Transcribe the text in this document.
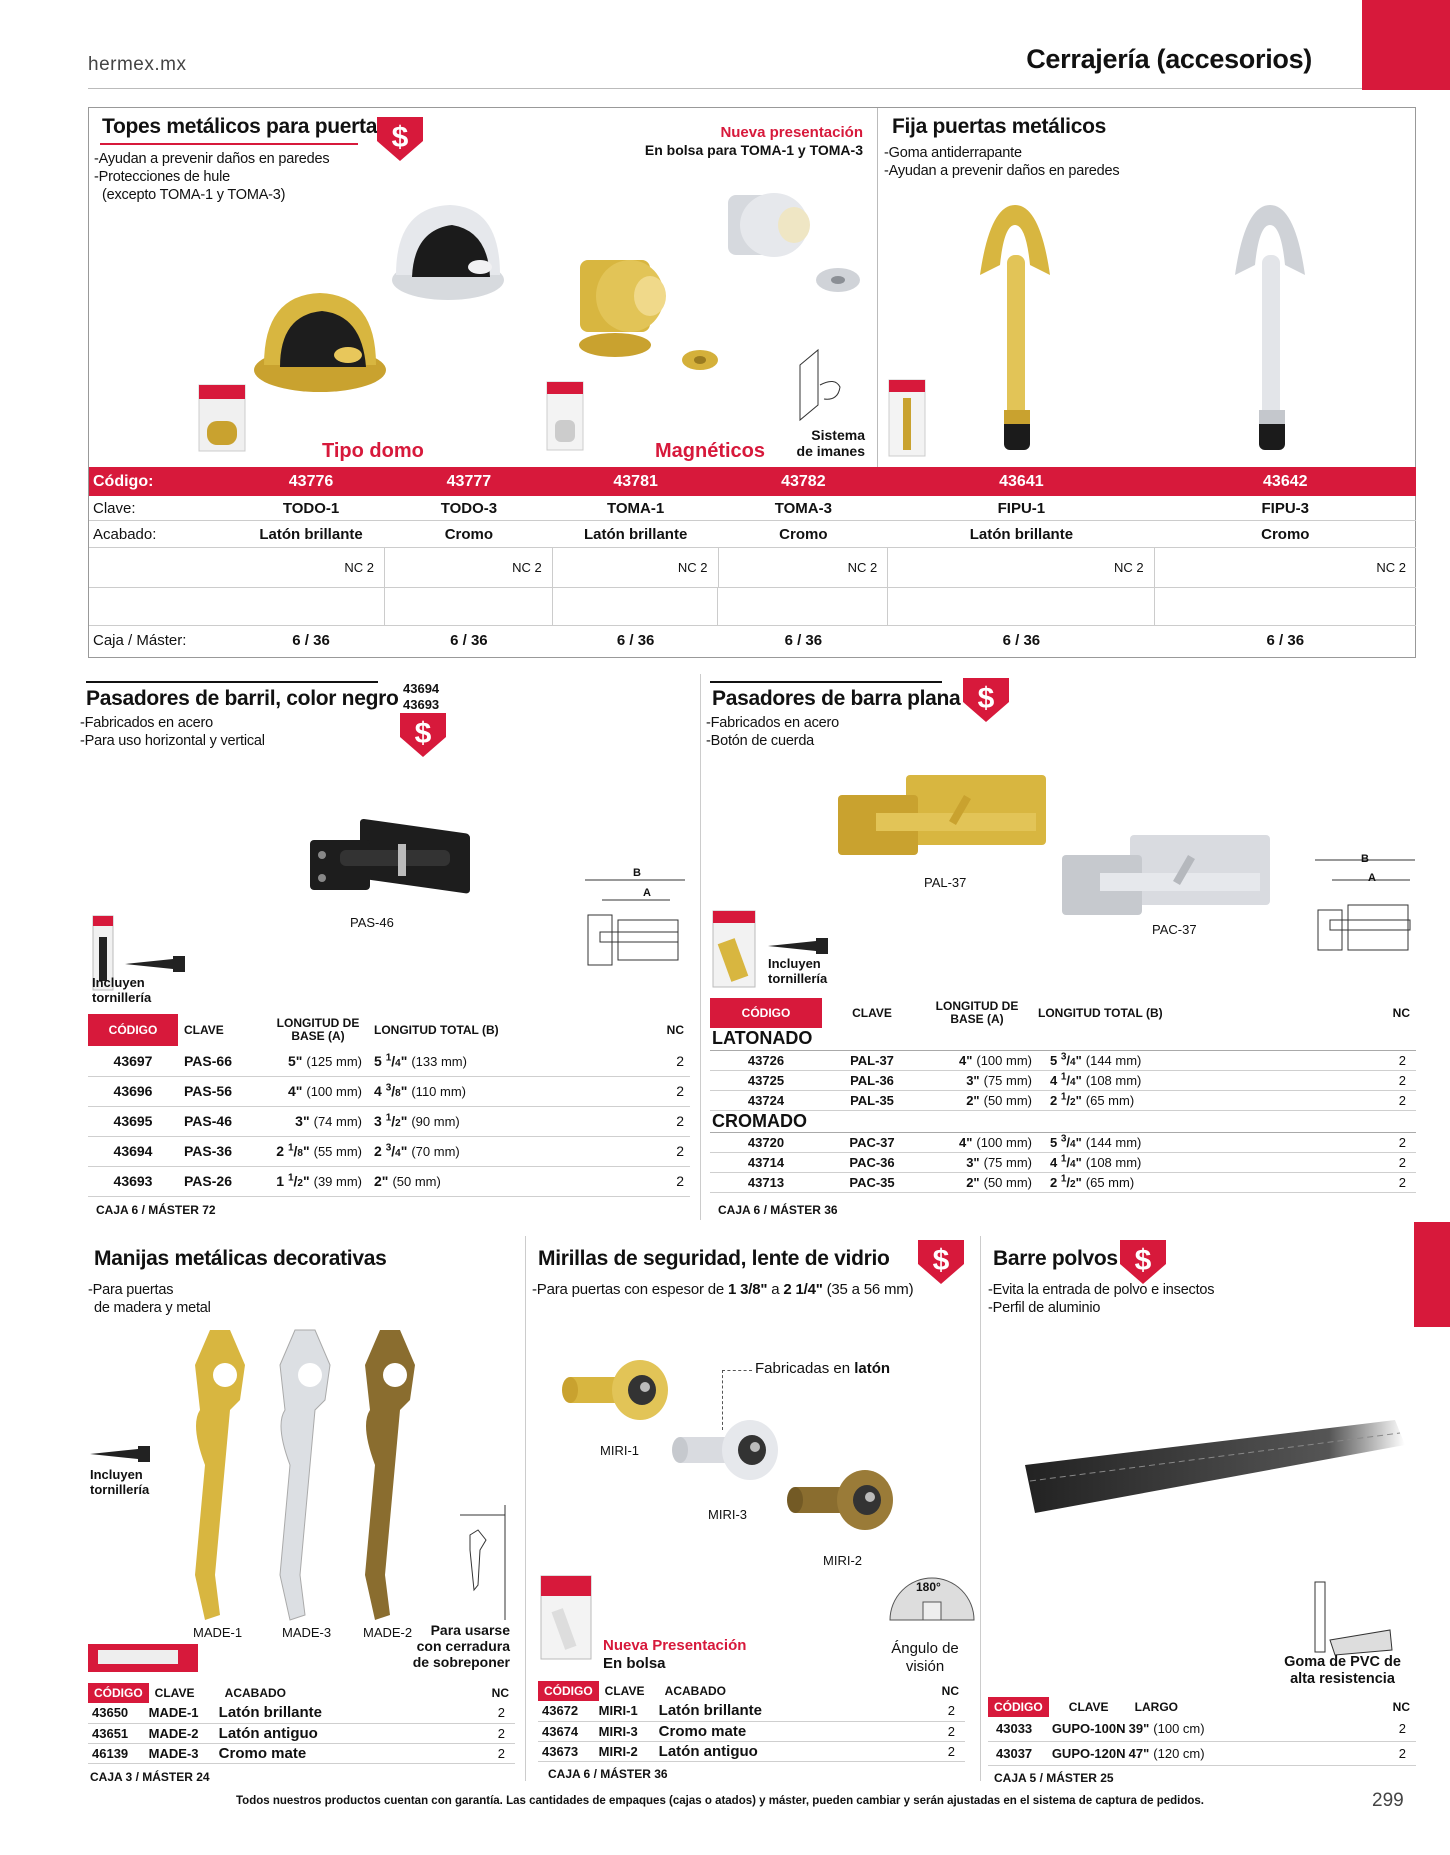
hermex.mx	Cerrajería (accesorios)
Topes metálicos para puerta $
-Ayudan a prevenir daños en paredes
-Protecciones de hule
(excepto TOMA-1 y TOMA-3)
Nueva presentación
En bolsa para TOMA-1 y TOMA-3
Tipo domo	Magnéticos
Sistema de imanes
Fija puertas metálicos
-Goma antiderrapante
-Ayudan a prevenir daños en paredes
Código:	43776	43777	43781	43782	43641	43642
Clave:	TODO-1	TODO-3	TOMA-1	TOMA-3	FIPU-1	FIPU-3
Acabado:	Latón brillante	Cromo	Latón brillante	Cromo	Latón brillante	Cromo
NC 2	NC 2	NC 2	NC 2	NC 2	NC 2
Caja / Máster:	6 / 36	6 / 36	6 / 36	6 / 36	6 / 36	6 / 36
Pasadores de barril, color negro 43694
43693
$
-Fabricados en acero
-Para uso horizontal y vertical
PAS-46
B
A
Incluyen tornillería
CÓDIGO	CLAVE	LONGITUD DE BASE (A)	LONGITUD TOTAL (B)	NC
43697	PAS-66	5" (125 mm)	5 $^1$/4" (133 mm)	2
43696	PAS-56	4" (100 mm)	4 $^3$/8" (110 mm)	2
43695	PAS-46	3" (74 mm)	3 $^1$/2" (90 mm)	2
43694	PAS-36	2 $^1$/8" (55 mm)	2 $^3$/4" (70 mm)	2
43693	PAS-26	1 $^1$/2" (39 mm)	2" (50 mm)	2
CAJA 6 / MÁSTER 72
Pasadores de barra plana $
-Fabricados en acero
-Botón de cuerda
PAL-37
PAC-37
B
A
Incluyen tornillería
CÓDIGO	CLAVE	LONGITUD DE BASE (A)	LONGITUD TOTAL (B)	NC
LATONADO				
43726	PAL-37	4" (100 mm)	5 $^3$/4" (144 mm)	2
43725	PAL-36	3" (75 mm)	4 $^1$/4" (108 mm)	2
43724	PAL-35	2" (50 mm)	2 $^1$/2" (65 mm)	2
CROMADO				
43720	PAC-37	4" (100 mm)	5 $^3$/4" (144 mm)	2
43714	PAC-36	3" (75 mm)	4 $^1$/4" (108 mm)	2
43713	PAC-35	2" (50 mm)	2 $^1$/2" (65 mm)	2
CAJA 6 / MÁSTER 36
Manijas metálicas decorativas
-Para puertas
de madera y metal
Incluyen tornillería
MADE-1	MADE-3 MADE-2	Para usarse con cerradura de sobreponer
CÓDIGO	CLAVE	ACABADO	NC
43650	MADE-1	Latón brillante	2
43651	MADE-2	Latón antiguo	2
46139	MADE-3	Cromo mate	2
CAJA 3 / MÁSTER 24
Mirillas de seguridad, lente de vidrio $
-Para puertas con espesor de 1 3/8" a 2 1/4" (35 a 56 mm)
Fabricadas en latón
MIRI-1
MIRI-3
MIRI-2
180°
Ángulo de visión
Nueva Presentación
En bolsa
CÓDIGO	CLAVE	ACABADO	NC
43672	MIRI-1	Latón brillante	2
43674	MIRI-3	Cromo mate	2
43673	MIRI-2	Latón antiguo	2
CAJA 6 / MÁSTER 36
Barre polvos $
-Evita la entrada de polvo e insectos
-Perfil de aluminio
Goma de PVC de alta resistencia
CÓDIGO	CLAVE	LARGO	NC
43033	GUPO-100N	39" (100 cm)	2
43037	GUPO-120N	47" (120 cm)	2
CAJA 5 / MÁSTER 25
Todos nuestros productos cuentan con garantía. Las cantidades de empaques (cajas o atados) y máster, pueden cambiar y serán ajustadas en el sistema de captura de pedidos.	299
